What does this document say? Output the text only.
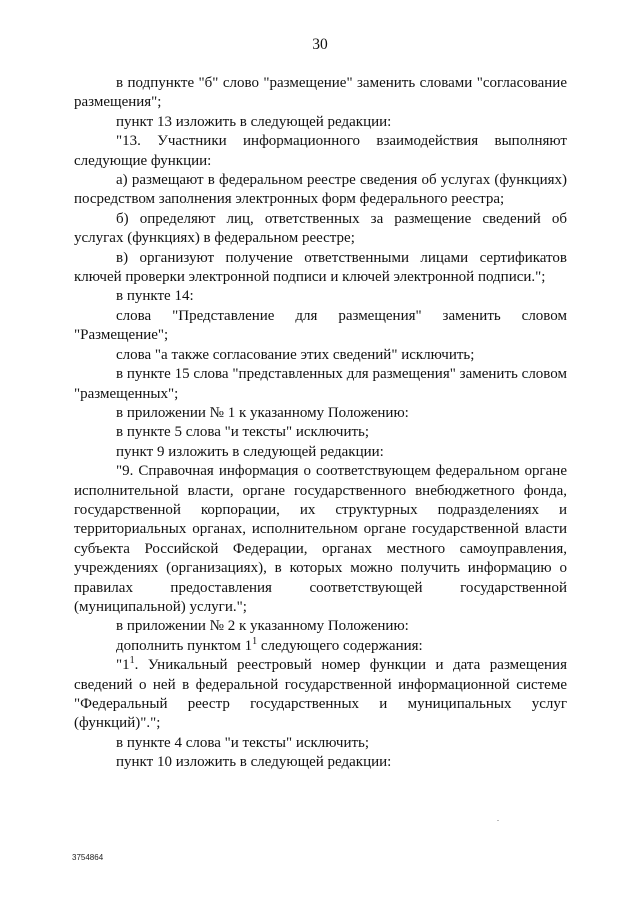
30

в подпункте "б" слово "размещение" заменить словами "согласование размещения";

пункт 13 изложить в следующей редакции:

"13. Участники информационного взаимодействия выполняют следующие функции:

а) размещают в федеральном реестре сведения об услугах (функциях) посредством заполнения электронных форм федерального реестра;

б) определяют лиц, ответственных за размещение сведений об услугах (функциях) в федеральном реестре;

в) организуют получение ответственными лицами сертификатов ключей проверки электронной подписи и ключей электронной подписи.";

в пункте 14:

слова "Представление для размещения" заменить словом "Размещение";

слова "а также согласование этих сведений" исключить;

в пункте 15 слова "представленных для размещения" заменить словом "размещенных";

в приложении № 1 к указанному Положению:

в пункте 5 слова "и тексты" исключить;

пункт 9 изложить в следующей редакции:

"9. Справочная информация о соответствующем федеральном органе исполнительной власти, органе государственного внебюджетного фонда, государственной корпорации, их структурных подразделениях и территориальных органах, исполнительном органе государственной власти субъекта Российской Федерации, органах местного самоуправления, учреждениях (организациях), в которых можно получить информацию о правилах предоставления соответствующей государственной (муниципальной) услуги.";

в приложении № 2 к указанному Положению:

дополнить пунктом $1^1$ следующего содержания:

"$1^1$. Уникальный реестровый номер функции и дата размещения сведений о ней в федеральной государственной информационной системе "Федеральный реестр государственных и муниципальных услуг (функций)".";

в пункте 4 слова "и тексты" исключить;

пункт 10 изложить в следующей редакции:

3754864
